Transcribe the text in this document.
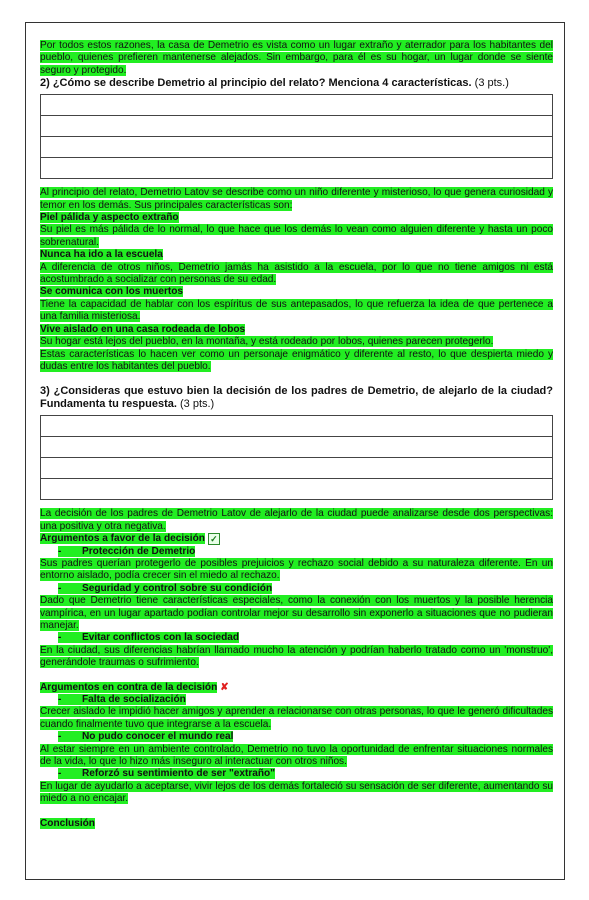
Por todos estos razones, la casa de Demetrio es vista como un lugar extraño y aterrador para los habitantes del pueblo, quienes prefieren mantenerse alejados. Sin embargo, para él es su hogar, un lugar donde se siente seguro y protegido.

2) ¿Cómo se describe Demetrio al principio del relato? Menciona 4 características. (3 pts.)

Al principio del relato, Demetrio Latov se describe como un niño diferente y misterioso, lo que genera curiosidad y temor en los demás. Sus principales características son:

Piel pálida y aspecto extraño

Su piel es más pálida de lo normal, lo que hace que los demás lo vean como alguien diferente y hasta un poco sobrenatural.

Nunca ha ido a la escuela

A diferencia de otros niños, Demetrio jamás ha asistido a la escuela, por lo que no tiene amigos ni está acostumbrado a socializar con personas de su edad.

Se comunica con los muertos

Tiene la capacidad de hablar con los espíritus de sus antepasados, lo que refuerza la idea de que pertenece a una familia misteriosa.

Vive aislado en una casa rodeada de lobos

Su hogar está lejos del pueblo, en la montaña, y está rodeado por lobos, quienes parecen protegerlo.

Estas características lo hacen ver como un personaje enigmático y diferente al resto, lo que despierta miedo y dudas entre los habitantes del pueblo.

3) ¿Consideras que estuvo bien la decisión de los padres de Demetrio, de alejarlo de la ciudad? Fundamenta tu respuesta. (3 pts.)

La decisión de los padres de Demetrio Latov de alejarlo de la ciudad puede analizarse desde dos perspectivas: una positiva y otra negativa.

Argumentos a favor de la decisión ✓

- Protección de Demetrio

Sus padres querían protegerlo de posibles prejuicios y rechazo social debido a su naturaleza diferente. En un entorno aislado, podía crecer sin el miedo al rechazo.

- Seguridad y control sobre su condición

Dado que Demetrio tiene características especiales, como la conexión con los muertos y la posible herencia vampírica, en un lugar apartado podían controlar mejor su desarrollo sin exponerlo a situaciones que no pudieran manejar.

- Evitar conflictos con la sociedad

En la ciudad, sus diferencias habrían llamado mucho la atención y podrían haberlo tratado como un 'monstruo', generándole traumas o sufrimiento.

Argumentos en contra de la decisión ✘

- Falta de socialización

Crecer aislado le impidió hacer amigos y aprender a relacionarse con otras personas, lo que le generó dificultades cuando finalmente tuvo que integrarse a la escuela.

- No pudo conocer el mundo real

Al estar siempre en un ambiente controlado, Demetrio no tuvo la oportunidad de enfrentar situaciones normales de la vida, lo que lo hizo más inseguro al interactuar con otros niños.

- Reforzó su sentimiento de ser "extraño"

En lugar de ayudarlo a aceptarse, vivir lejos de los demás fortaleció su sensación de ser diferente, aumentando su miedo a no encajar.

Conclusión
